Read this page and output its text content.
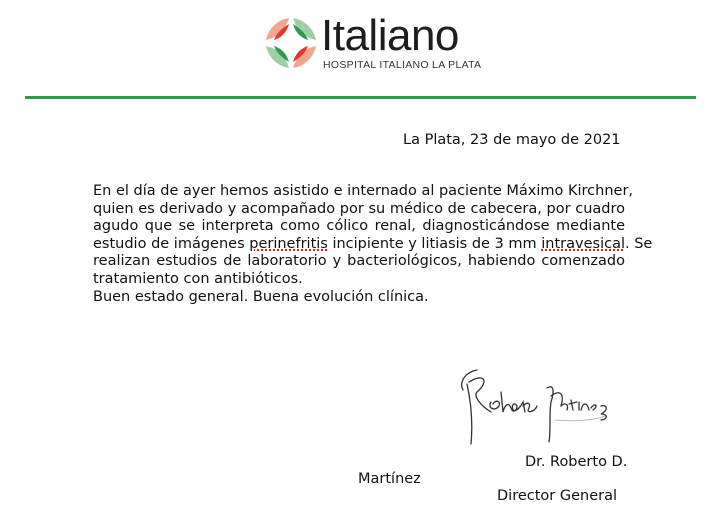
Italiano
HOSPITAL ITALIANO LA PLATA
La Plata, 23 de mayo de 2021
En el día de ayer hemos asistido e internado al paciente Máximo Kirchner,
quien es derivado y acompañado por su médico de cabecera, por cuadro
agudo que se interpreta como cólico renal, diagnosticándose mediante
estudio de imágenes perinefritis incipiente y litiasis de 3 mm intravesical. Se
realizan estudios de laboratorio y bacteriológicos, habiendo comenzado
tratamiento con antibióticos.
Buen estado general. Buena evolución clínica.
Dr. Roberto D.
Martínez
Director General
